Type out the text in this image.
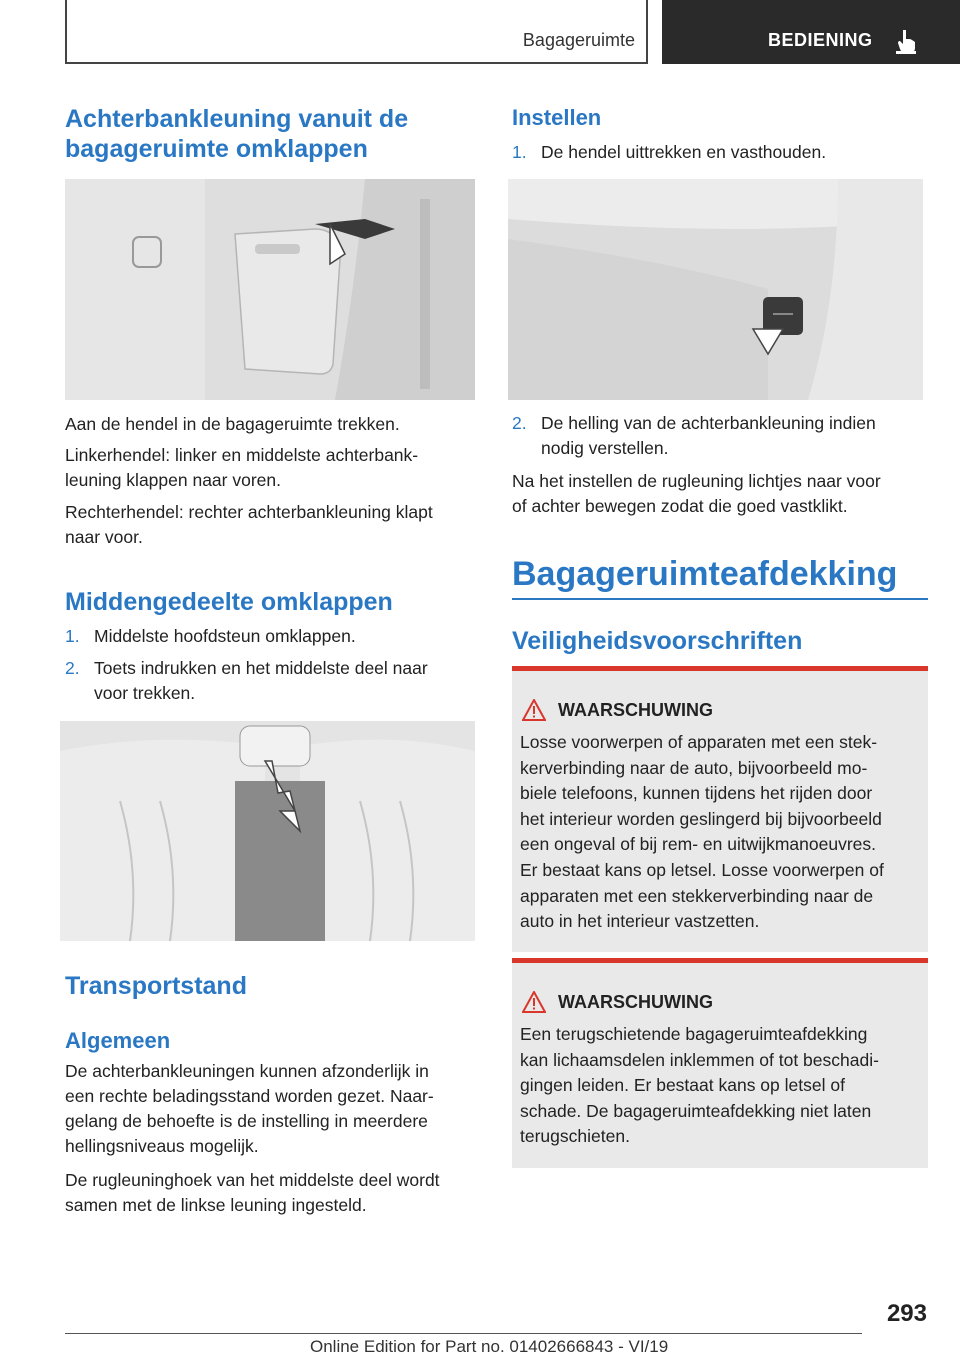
Bagageruimte	BEDIENING
Achterbankleuning vanuit de
bagageruimte omklappen
Aan de hendel in de bagageruimte trekken.
Linkerhendel: linker en middelste achterbank-
leuning klappen naar voren.
Rechterhendel: rechter achterbankleuning klapt
naar voor.
Middengedeelte omklappen
1. Middelste hoofdsteun omklappen.
2. Toets indrukken en het middelste deel naar
voor trekken.
Transportstand
Algemeen
De achterbankleuningen kunnen afzonderlijk in
een rechte beladingsstand worden gezet. Naar-
gelang de behoefte is de instelling in meerdere
hellingsniveaus mogelijk.
De rugleuninghoek van het middelste deel wordt
samen met de linkse leuning ingesteld.
Instellen
1. De hendel uittrekken en vasthouden.
2. De helling van de achterbankleuning indien
nodig verstellen.
Na het instellen de rugleuning lichtjes naar voor
of achter bewegen zodat die goed vastklikt.
Bagageruimteafdekking
Veiligheidsvoorschriften
WAARSCHUWING
Losse voorwerpen of apparaten met een stek-
kerverbinding naar de auto, bijvoorbeeld mo-
biele telefoons, kunnen tijdens het rijden door
het interieur worden geslingerd bij bijvoorbeeld
een ongeval of bij rem- en uitwijkmanoeuvres.
Er bestaat kans op letsel. Losse voorwerpen of
apparaten met een stekkerverbinding naar de
auto in het interieur vastzetten.
WAARSCHUWING
Een terugschietende bagageruimteafdekking
kan lichaamsdelen inklemmen of tot beschadi-
gingen leiden. Er bestaat kans op letsel of
schade. De bagageruimteafdekking niet laten
terugschieten.
293
Online Edition for Part no. 01402666843 - VI/19
